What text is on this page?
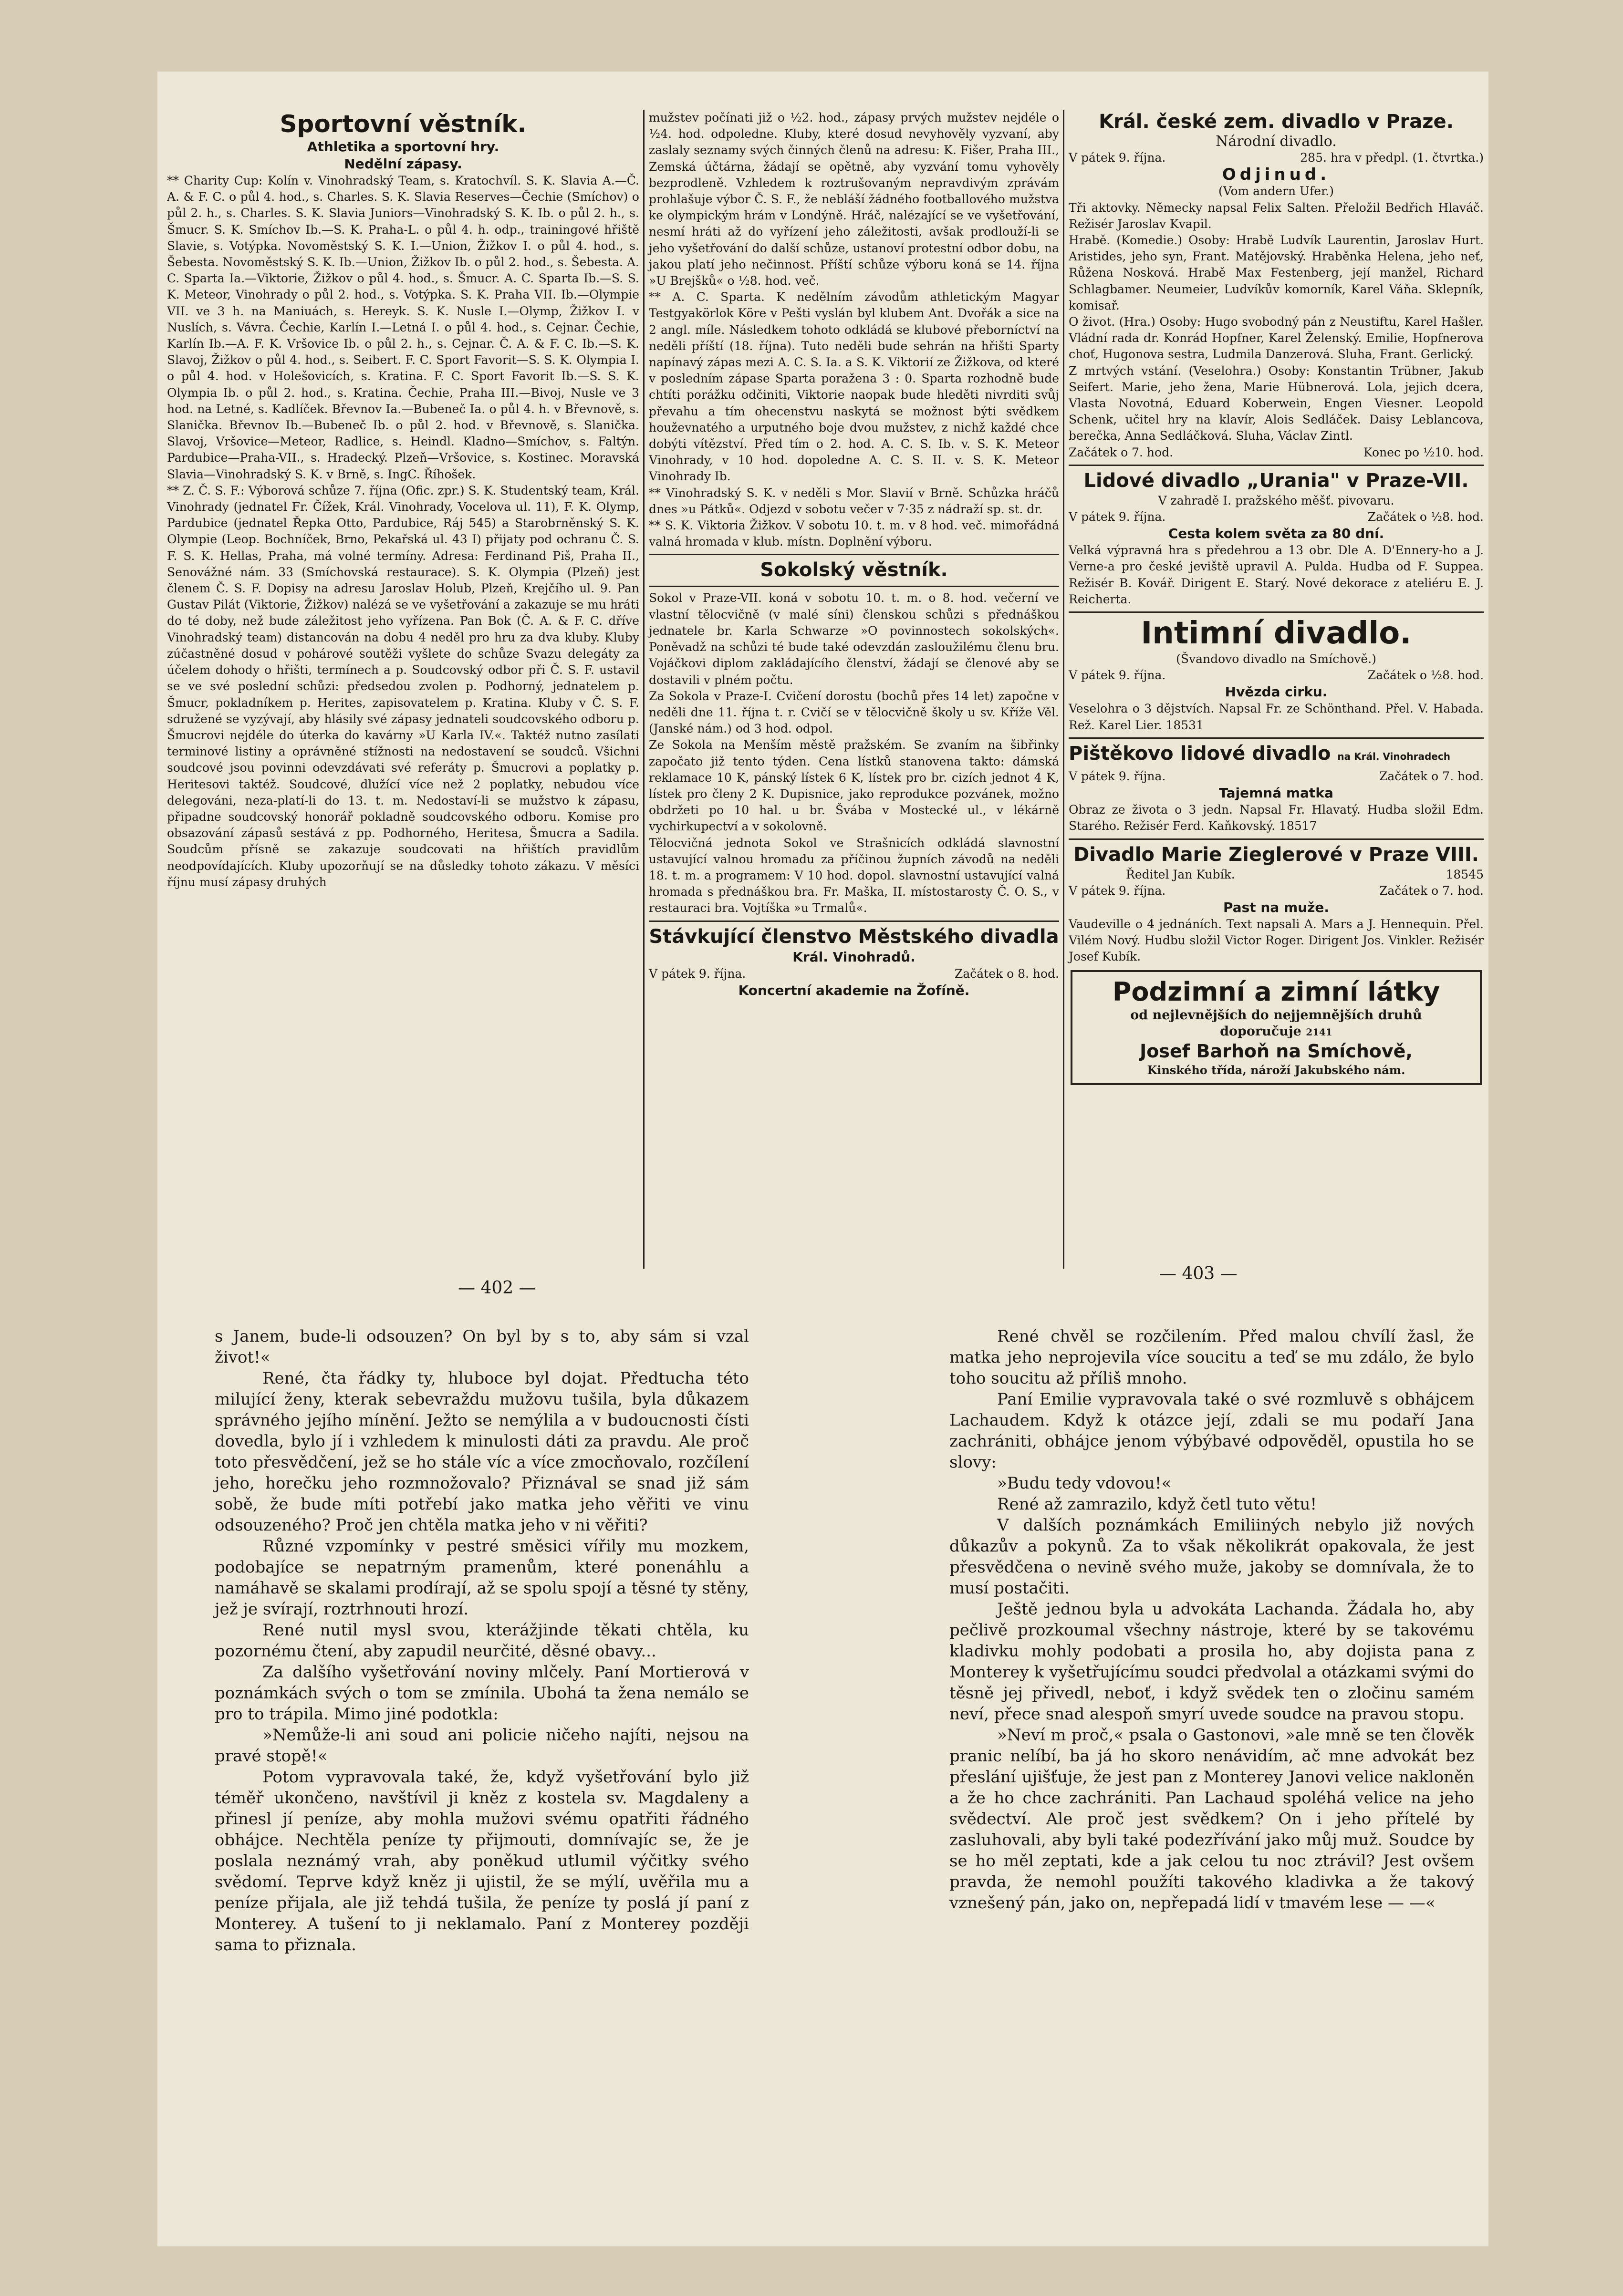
Sportovní věstník.

Athletika a sportovní hry.

Nedělní zápasy.

** Charity Cup: Kolín v. Vinohradský Team, s. Kratochvíl. S. K. Slavia A.—Č. A. & F. C. o půl 4. hod., s. Charles. S. K. Slavia Reserves—Čechie (Smíchov) o půl 2. h., s. Charles. S. K. Slavia Juniors—Vinohradský S. K. Ib. o půl 2. h., s. Šmucr. S. K. Smíchov Ib.—S. K. Praha-L. o půl 4. h. odp., trainingové hřiště Slavie, s. Votýpka. Novoměstský S. K. I.—Union, Žižkov I. o půl 4. hod., s. Šebesta. Novoměstský S. K. Ib.—Union, Žižkov Ib. o půl 2. hod., s. Šebesta. A. C. Sparta Ia.—Viktorie, Žižkov o půl 4. hod., s. Šmucr. A. C. Sparta Ib.—S. S. K. Meteor, Vinohrady o půl 2. hod., s. Votýpka. S. K. Praha VII. Ib.—Olympie VII. ve 3 h. na Maniuách, s. Hereyk. S. K. Nusle I.—Olymp, Žižkov I. v Nuslích, s. Vávra. Čechie, Karlín I.—Letná I. o půl 4. hod., s. Cejnar. Čechie, Karlín Ib.—A. F. K. Vršovice Ib. o půl 2. h., s. Cejnar. Č. A. & F. C. Ib.—S. K. Slavoj, Žižkov o půl 4. hod., s. Seibert. F. C. Sport Favorit—S. S. K. Olympia I. o půl 4. hod. v Holešovicích, s. Kratina. F. C. Sport Favorit Ib.—S. S. K. Olympia Ib. o půl 2. hod., s. Kratina. Čechie, Praha III.—Bivoj, Nusle ve 3 hod. na Letné, s. Kadlíček. Břevnov Ia.—Bubeneč Ia. o půl 4. h. v Břevnově, s. Slanička. Břevnov Ib.—Bubeneč Ib. o půl 2. hod. v Břevnově, s. Slanička. Slavoj, Vršovice—Meteor, Radlice, s. Heindl. Kladno—Smíchov, s. Faltýn. Pardubice—Praha-VII., s. Hradecký. Plzeň—Vršovice, s. Kostinec. Moravská Slavia—Vinohradský S. K. v Brně, s. IngC. Říhošek.

** Z. Č. S. F.: Výborová schůze 7. října (Ofic. zpr.) S. K. Studentský team, Král. Vinohrady (jednatel Fr. Čížek, Král. Vinohrady, Vocelova ul. 11), F. K. Olymp, Pardubice (jednatel Řepka Otto, Pardubice, Ráj 545) a Starobrněnský S. K. Olympie (Leop. Bochníček, Brno, Pekařská ul. 43 I) přijaty pod ochranu Č. S. F. S. K. Hellas, Praha, má volné termíny. Adresa: Ferdinand Piš, Praha II., Senovážné nám. 33 (Smíchovská restaurace). S. K. Olympia (Plzeň) jest členem Č. S. F. Dopisy na adresu Jaroslav Holub, Plzeň, Krejčího ul. 9. Pan Gustav Pilát (Viktorie, Žižkov) nalézá se ve vyšetřování a zakazuje se mu hráti do té doby, než bude záležitost jeho vyřízena. Pan Bok (Č. A. & F. C. dříve Vinohradský team) distancován na dobu 4 neděl pro hru za dva kluby. Kluby zúčastněné dosud v pohárové soutěži vyšlete do schůze Svazu delegáty za účelem dohody o hřišti, termínech a p. Soudcovský odbor při Č. S. F. ustavil se ve své poslední schůzi: předsedou zvolen p. Podhorný, jednatelem p. Šmucr, pokladníkem p. Herites, zapisovatelem p. Kratina. Kluby v Č. S. F. sdružené se vyzývají, aby hlásily své zápasy jednateli soudcovského odboru p. Šmucrovi nejdéle do úterka do kavárny »U Karla IV.«. Taktéž nutno zasílati terminové listiny a oprávněné stížnosti na nedostavení se soudců. Všichni soudcové jsou povinni odevzdávati své referáty p. Šmucrovi a poplatky p. Heritesovi taktéž. Soudcové, dlužící více než 2 poplatky, nebudou více delegováni, neza-platí-li do 13. t. m. Nedostaví-li se mužstvo k zápasu, připadne soudcovský honorář pokladně soudcovského odboru. Komise pro obsazování zápasů sestává z pp. Podhorného, Heritesa, Šmucra a Sadila. Soudcům přísně se zakazuje soudcovati na hřištích pravidlům neodpovídajících. Kluby upozorňují se na důsledky tohoto zákazu. V měsíci říjnu musí zápasy druhých

mužstev počínati již o ½2. hod., zápasy prvých mužstev nejdéle o ½4. hod. odpoledne. Kluby, které dosud nevyhověly vyzvaní, aby zaslaly seznamy svých činných členů na adresu: K. Fišer, Praha III., Zemská účtárna, žádají se opětně, aby vyzvání tomu vyhověly bezprodleně. Vzhledem k roztrušovaným nepravdivým zprávám prohlašuje výbor Č. S. F., že nebláší žádného footballového mužstva ke olympickým hrám v Londýně. Hráč, nalézající se ve vyšetřování, nesmí hráti až do vyřízení jeho záležitosti, avšak prodlouží-li se jeho vyšetřování do další schůze, ustanoví protestní odbor dobu, na jakou platí jeho nečinnost. Příští schůze výboru koná se 14. října »U Brejšků« o ½8. hod. več.

** A. C. Sparta. K nedělním závodům athletickým Magyar Testgyakörlok Köre v Pešti vyslán byl klubem Ant. Dvořák a sice na 2 angl. míle. Následkem tohoto odkládá se klubové přeborníctví na neděli příští (18. října). Tuto neděli bude sehrán na hřišti Sparty napínavý zápas mezi A. C. S. Ia. a S. K. Viktorií ze Žižkova, od které v posledním zápase Sparta poražena 3 : 0. Sparta rozhodně bude chtíti porážku odčiniti, Viktorie naopak bude hleděti nivrditi svůj převahu a tím ohecenstvu naskytá se možnost býti svědkem houževnatého a urputného boje dvou mužstev, z nichž každé chce dobýti vítězství. Před tím o 2. hod. A. C. S. Ib. v. S. K. Meteor Vinohrady, v 10 hod. dopoledne A. C. S. II. v. S. K. Meteor Vinohrady Ib.

** Vinohradský S. K. v neděli s Mor. Slavií v Brně. Schůzka hráčů dnes »u Pátků«. Odjezd v sobotu večer v 7·35 z nádraží sp. st. dr.

** S. K. Viktoria Žižkov. V sobotu 10. t. m. v 8 hod. več. mimořádná valná hromada v klub. místn. Doplnění výboru.

Sokolský věstník.

Sokol v Praze-VII. koná v sobotu 10. t. m. o 8. hod. večerní ve vlastní tělocvičně (v malé síni) členskou schůzi s přednáškou jednatele br. Karla Schwarze »O povinnostech sokolských«. Poněvadž na schůzi té bude také odevzdán zasloužilému členu bru. Vojáčkovi diplom zakládajícího členství, žádají se členové aby se dostavili v plném počtu.

Za Sokola v Praze-I. Cvičení dorostu (bochů přes 14 let) započne v neděli dne 11. října t. r. Cvičí se v tělocvičně školy u sv. Kříže Věl. (Janské nám.) od 3 hod. odpol.

Ze Sokola na Menším městě pražském. Se zvaním na šibřinky započato již tento týden. Cena lístků stanovena takto: dámská reklamace 10 K, pánský lístek 6 K, lístek pro br. cizích jednot 4 K, lístek pro členy 2 K. Dupisnice, jako reprodukce pozvánek, možno obdržeti po 10 hal. u br. Švába v Mostecké ul., v lékárně vychirkupectví a v sokolovně.

Tělocvičná jednota Sokol ve Strašnicích odkládá slavnostní ustavující valnou hromadu za příčinou župních závodů na neděli 18. t. m. a programem: V 10 hod. dopol. slavnostní ustavující valná hromada s přednáškou bra. Fr. Maška, II. místostarosty Č. O. S., v restauraci bra. Vojtíška »u Trmalů«.

Stávkující členstvo Městského divadla

Král. Vinohradů.

V pátek 9. října.	Začátek o 8. hod.

Koncertní akademie na Žofíně.

Král. české zem. divadlo v Praze.

Národní divadlo.

V pátek 9. října.	285. hra v předpl. (1. čtvrtka.)

Odjinud.

(Vom andern Ufer.)

Tři aktovky. Německy napsal Felix Salten. Přeložil Bedřich Hlaváč. Režisér Jaroslav Kvapil.

Hrabě. (Komedie.) Osoby: Hrabě Ludvík Laurentin, Jaroslav Hurt. Aristides, jeho syn, Frant. Matějovský. Hraběnka Helena, jeho neť, Růžena Nosková. Hrabě Max Festenberg, její manžel, Richard Schlagbamer. Neumeier, Ludvíkův komorník, Karel Váňa. Sklepník, komisař.

O život. (Hra.) Osoby: Hugo svobodný pán z Neustiftu, Karel Hašler. Vládní rada dr. Konrád Hopfner, Karel Želenský. Emilie, Hopfnerova choť, Hugonova sestra, Ludmila Danzerová. Sluha, Frant. Gerlický.

Z mrtvých vstání. (Veselohra.) Osoby: Konstantin Trübner, Jakub Seifert. Marie, jeho žena, Marie Hübnerová. Lola, jejich dcera, Vlasta Novotná, Eduard Koberwein, Engen Viesner. Leopold Schenk, učitel hry na klavír, Alois Sedláček. Daisy Leblancova, berečka, Anna Sedláčková. Sluha, Václav Zintl.

Začátek o 7. hod.	Konec po ½10. hod.

Lidové divadlo „Urania" v Praze-VII.

V zahradě I. pražského měšť. pivovaru.

V pátek 9. října.	Začátek o ½8. hod.

Cesta kolem světa za 80 dní.

Velká výpravná hra s předehrou a 13 obr. Dle A. D'Ennery-ho a J. Verne-a pro české jeviště upravil A. Pulda. Hudba od F. Suppea. Režisér B. Kovář. Dirigent E. Starý. Nové dekorace z ateliéru E. J. Reicherta.

Intimní divadlo.

(Švandovo divadlo na Smíchově.)

V pátek 9. října.	Začátek o ½8. hod.

Hvězda cirku.

Veselohra o 3 dějstvích. Napsal Fr. ze Schönthand. Přel. V. Habada. Rež. Karel Lier. 18531

Pištěkovo lidové divadlo na Král. Vinohradech

V pátek 9. října.	Začátek o 7. hod.

Tajemná matka

Obraz ze života o 3 jedn. Napsal Fr. Hlavatý. Hudba složil Edm. Starého. Režisér Ferd. Kaňkovský. 18517

Divadlo Marie Zieglerové v Praze VIII.

Ředitel Jan Kubík.	18545
V pátek 9. října.	Začátek o 7. hod.

Past na muže.

Vaudeville o 4 jednáních. Text napsali A. Mars a J. Hennequin. Přel. Vilém Nový. Hudbu složil Victor Roger. Dirigent Jos. Vinkler. Režisér Josef Kubík.

Podzimní a zimní látky
od nejlevnějších do nejjemnějších druhů
doporučuje 2141
Josef Barhoň na Smíchově,
Kinského třída, nároží Jakubského nám.
— 402 —
— 403 —

s Janem, bude-li odsouzen? On byl by s to, aby sám si vzal život!«

René, čta řádky ty, hluboce byl dojat. Předtucha této milující ženy, kterak sebevraždu mužovu tušila, byla důkazem správného jejího mínění. Ježto se nemýlila a v budoucnosti čísti dovedla, bylo jí i vzhledem k minulosti dáti za pravdu. Ale proč toto přesvědčení, jež se ho stále víc a více zmocňovalo, rozčílení jeho, horečku jeho rozmnožovalo? Přiznával se snad již sám sobě, že bude míti potřebí jako matka jeho věřiti ve vinu odsouzeného? Proč jen chtěla matka jeho v ni věřiti?

Různé vzpomínky v pestré směsici vířily mu mozkem, podobajíce se nepatrným pramenům, které ponenáhlu a namáhavě se skalami prodírají, až se spolu spojí a těsné ty stěny, jež je svírají, roztrhnouti hrozí.

René nutil mysl svou, kterážjinde těkati chtěla, ku pozornému čtení, aby zapudil neurčité, děsné obavy...

Za dalšího vyšetřování noviny mlčely. Paní Mortierová v poznámkách svých o tom se zmínila. Ubohá ta žena nemálo se pro to trápila. Mimo jiné podotkla:

»Nemůže-li ani soud ani policie ničeho najíti, nejsou na pravé stopě!«

Potom vypravovala také, že, když vyšetřování bylo již téměř ukončeno, navštívil ji kněz z kostela sv. Magdaleny a přinesl jí peníze, aby mohla mužovi svému opatřiti řádného obhájce. Nechtěla peníze ty přijmouti, domnívajíc se, že je poslala neznámý vrah, aby poněkud utlumil výčitky svého svědomí. Teprve když kněz ji ujistil, že se mýlí, uvěřila mu a peníze přijala, ale již tehdá tušila, že peníze ty poslá jí paní z Monterey. A tušení to ji neklamalo. Paní z Monterey později sama to přiznala.

René chvěl se rozčilením. Před malou chvílí žasl, že matka jeho neprojevila více soucitu a teď se mu zdálo, že bylo toho soucitu až příliš mnoho.

Paní Emilie vypravovala také o své rozmluvě s obhájcem Lachaudem. Když k otázce její, zdali se mu podaří Jana zachrániti, obhájce jenom výbýbavé odpověděl, opustila ho se slovy:

»Budu tedy vdovou!«

René až zamrazilo, když četl tuto větu!

V dalších poznámkách Emiliiných nebylo již nových důkazův a pokynů. Za to však několikrát opakovala, že jest přesvědčena o nevině svého muže, jakoby se domnívala, že to musí postačiti.

Ještě jednou byla u advokáta Lachanda. Žádala ho, aby pečlivě prozkoumal všechny nástroje, které by se takovému kladivku mohly podobati a prosila ho, aby dojista pana z Monterey k vyšetřujícímu soudci předvolal a otázkami svými do těsně jej přivedl, neboť, i když svědek ten o zločinu samém neví, přece snad alespoň smyrí uvede soudce na pravou stopu.

»Neví m proč,« psala o Gastonovi, »ale mně se ten člověk pranic nelíbí, ba já ho skoro nenávidím, ač mne advokát bez přeslání ujišťuje, že jest pan z Monterey Janovi velice nakloněn a že ho chce zachrániti. Pan Lachaud spoléhá velice na jeho svědectví. Ale proč jest svědkem? On i jeho přítelé by zasluhovali, aby byli také podezřívání jako můj muž. Soudce by se ho měl zeptati, kde a jak celou tu noc ztrávil? Jest ovšem pravda, že nemohl použíti takového kladivka a že takový vznešený pán, jako on, nepřepadá lidí v tmavém lese — —«
